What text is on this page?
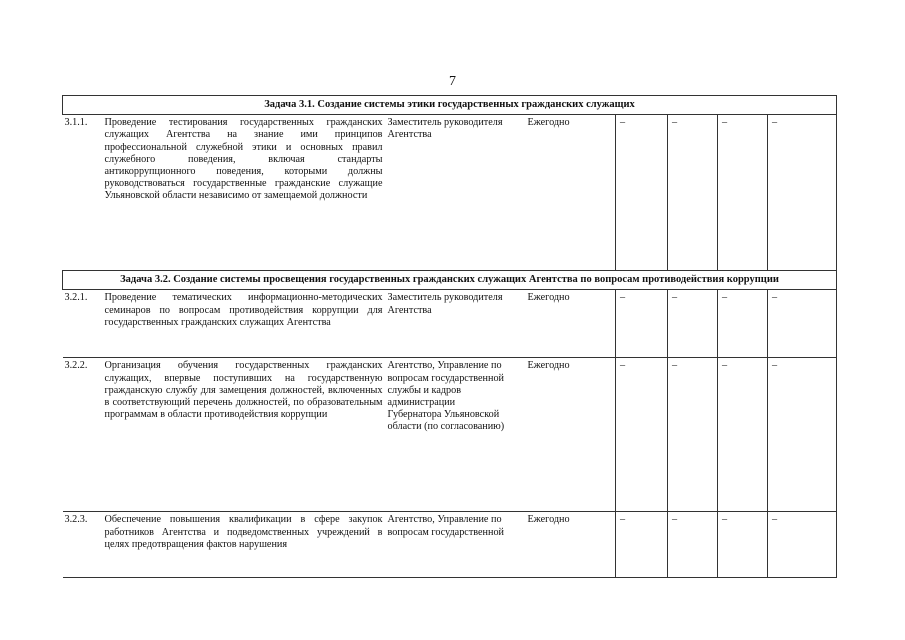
7
Задача 3.1. Создание системы этики государственных гражданских служащих							
3.1.1.	Проведение тестирования государственных гражданских служащих Агентства на знание ими принципов профессиональной служебной этики и основных правил служебного поведения, включая стандарты антикоррупционного поведения, которыми должны руководствоваться государственные гражданские служащие Ульяновской области независимо от замещаемой должности	Заместитель руководителя Агентства	Ежегодно	–	–	–	–
Задача 3.2. Создание системы просвещения государственных гражданских служащих Агентства по вопросам противодействия коррупции							
3.2.1.	Проведение тематических информационно-методических семинаров по вопросам противодействия коррупции для государственных гражданских служащих Агентства	Заместитель руководителя Агентства	Ежегодно	–	–	–	–
3.2.2.	Организация обучения государственных гражданских служащих, впервые поступивших на государственную гражданскую службу для замещения должностей, включенных в соответствующий перечень должностей, по образовательным программам в области противодействия коррупции	Агентство, Управление по вопросам государственной службы и кадров администрации Губернатора Ульяновской области (по согласованию)	Ежегодно	–	–	–	–
3.2.3.	Обеспечение повышения квалификации в сфере закупок работников Агентства и подведомственных учреждений в целях предотвращения фактов нарушения	Агентство, Управление по вопросам государственной	Ежегодно	–	–	–	–
